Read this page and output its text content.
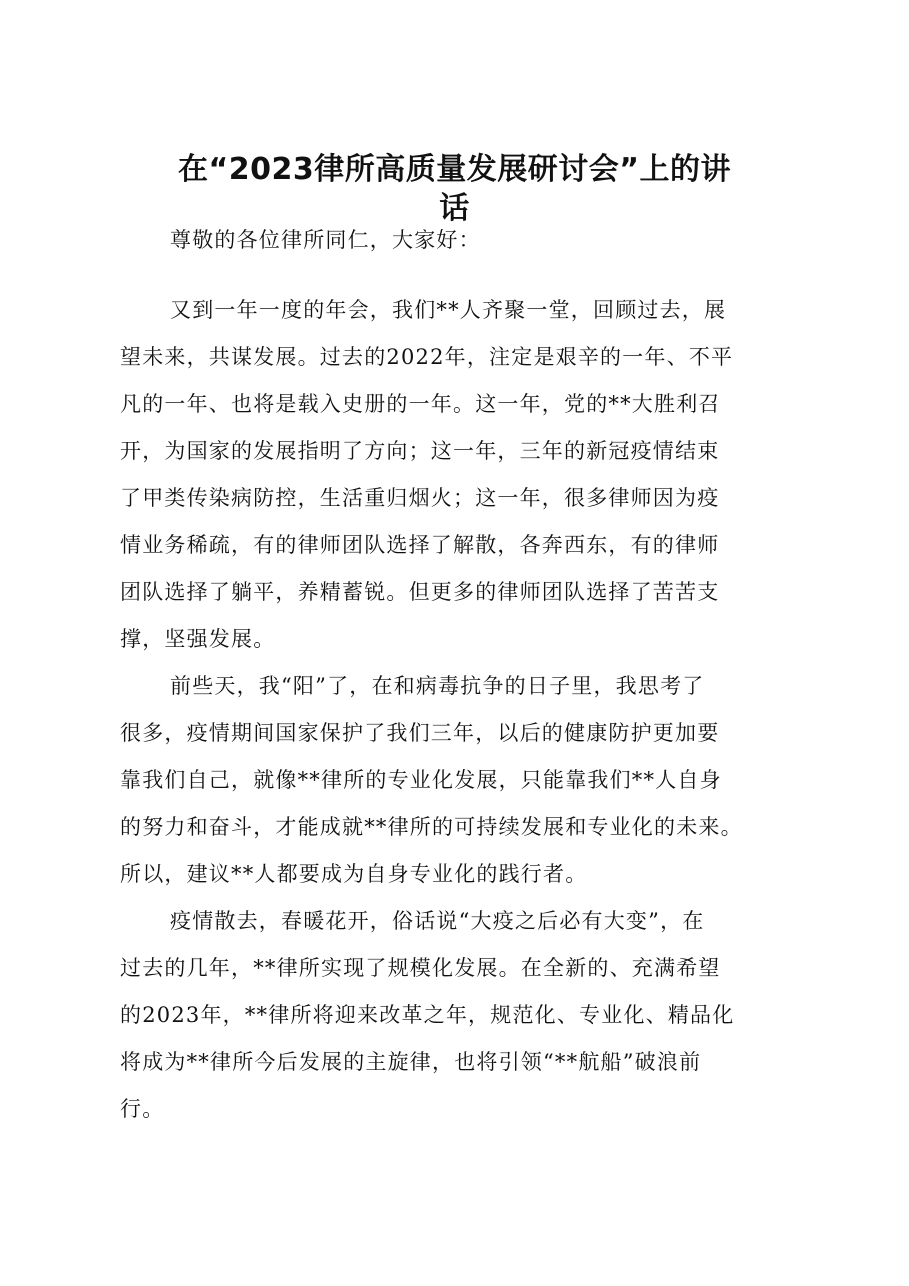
在“2023律所高质量发展研讨会”上的讲
话
尊敬的各位律所同仁，大家好：
又到一年一度的年会，我们**人齐聚一堂，回顾过去，展
望未来，共谋发展。过去的2022年，注定是艰辛的一年、不平
凡的一年、也将是载入史册的一年。这一年，党的**大胜利召
开，为国家的发展指明了方向；这一年，三年的新冠疫情结束
了甲类传染病防控，生活重归烟火；这一年，很多律师因为疫
情业务稀疏，有的律师团队选择了解散，各奔西东，有的律师
团队选择了躺平，养精蓄锐。但更多的律师团队选择了苦苦支
撑，坚强发展。
前些天，我“阳”了，在和病毒抗争的日子里，我思考了
很多，疫情期间国家保护了我们三年，以后的健康防护更加要
靠我们自己，就像**律所的专业化发展，只能靠我们**人自身
的努力和奋斗，才能成就**律所的可持续发展和专业化的未来。
所以，建议**人都要成为自身专业化的践行者。
疫情散去，春暖花开，俗话说“大疫之后必有大变”，在
过去的几年，**律所实现了规模化发展。在全新的、充满希望
的2023年，**律所将迎来改革之年，规范化、专业化、精品化
将成为**律所今后发展的主旋律，也将引领“**航船”破浪前
行。
